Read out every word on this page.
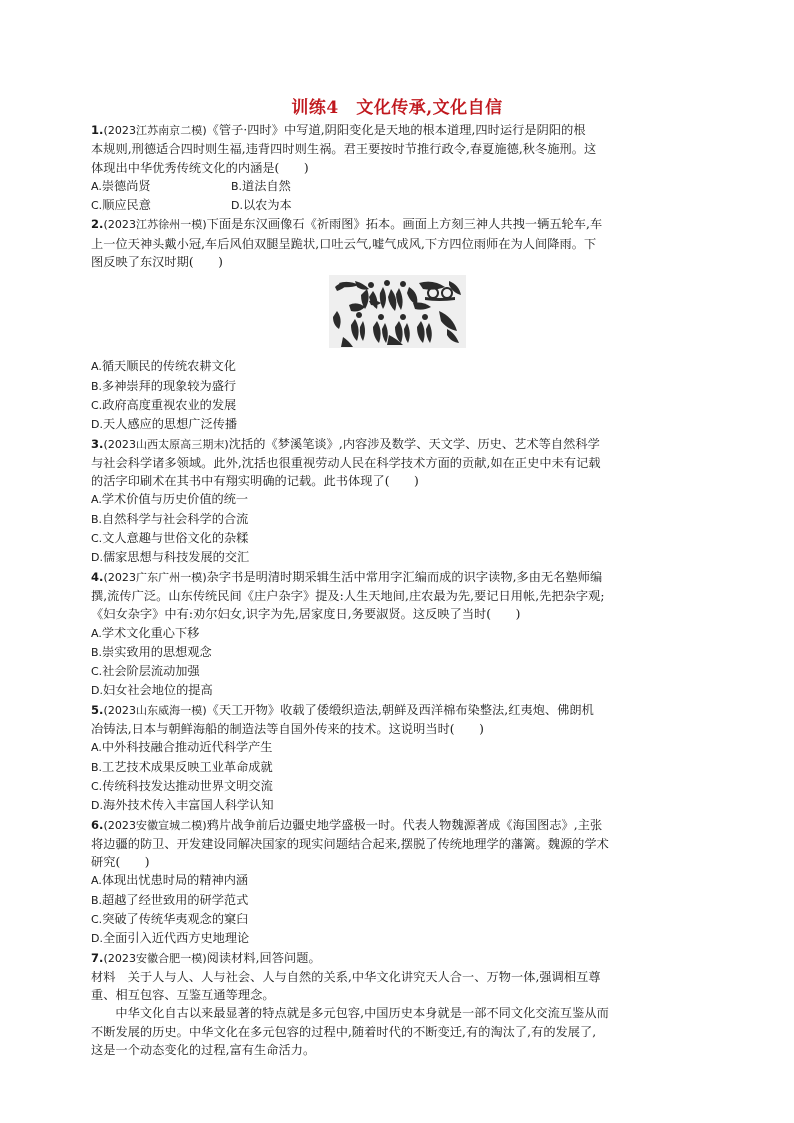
训练4　文化传承,文化自信
1.(2023江苏南京二模)《管子·四时》中写道,阴阳变化是天地的根本道理,四时运行是阴阳的根
本规则,刑德适合四时则生福,违背四时则生祸。君王要按时节推行政令,春夏施德,秋冬施刑。这
体现出中华优秀传统文化的内涵是(　　)
A.崇德尚贤	B.道法自然
C.顺应民意	D.以农为本
2.(2023江苏徐州一模)下面是东汉画像石《祈雨图》拓本。画面上方刻三神人共拽一辆五轮车,车
上一位天神头戴小冠,车后风伯双腿呈跪状,口吐云气,嘘气成风,下方四位雨师在为人间降雨。下
图反映了东汉时期(　　)
A.循天顺民的传统农耕文化
B.多神崇拜的现象较为盛行
C.政府高度重视农业的发展
D.天人感应的思想广泛传播
3.(2023山西太原高三期末)沈括的《梦溪笔谈》,内容涉及数学、天文学、历史、艺术等自然科学
与社会科学诸多领域。此外,沈括也很重视劳动人民在科学技术方面的贡献,如在正史中未有记载
的活字印刷术在其书中有翔实明确的记载。此书体现了(　　)
A.学术价值与历史价值的统一
B.自然科学与社会科学的合流
C.文人意趣与世俗文化的杂糅
D.儒家思想与科技发展的交汇
4.(2023广东广州一模)杂字书是明清时期采辑生活中常用字汇编而成的识字读物,多由无名塾师编
撰,流传广泛。山东传统民间《庄户杂字》提及:人生天地间,庄农最为先,要记日用帐,先把杂字观;
《妇女杂字》中有:劝尔妇女,识字为先,居家度日,务要淑贤。这反映了当时(　　)
A.学术文化重心下移
B.崇实致用的思想观念
C.社会阶层流动加强
D.妇女社会地位的提高
5.(2023山东威海一模)《天工开物》收载了倭缎织造法,朝鲜及西洋棉布染整法,红夷炮、佛朗机
冶铸法,日本与朝鲜海船的制造法等自国外传来的技术。这说明当时(　　)
A.中外科技融合推动近代科学产生
B.工艺技术成果反映工业革命成就
C.传统科技发达推动世界文明交流
D.海外技术传入丰富国人科学认知
6.(2023安徽宣城二模)鸦片战争前后边疆史地学盛极一时。代表人物魏源著成《海国图志》,主张
将边疆的防卫、开发建设同解决国家的现实问题结合起来,摆脱了传统地理学的藩篱。魏源的学术
研究(　　)
A.体现出忧患时局的精神内涵
B.超越了经世致用的研学范式
C.突破了传统华夷观念的窠臼
D.全面引入近代西方史地理论
7.(2023安徽合肥一模)阅读材料,回答问题。
材料　关于人与人、人与社会、人与自然的关系,中华文化讲究天人合一、万物一体,强调相互尊
重、相互包容、互鉴互通等理念。
中华文化自古以来最显著的特点就是多元包容,中国历史本身就是一部不同文化交流互鉴从而
不断发展的历史。中华文化在多元包容的过程中,随着时代的不断变迁,有的淘汰了,有的发展了,
这是一个动态变化的过程,富有生命活力。
